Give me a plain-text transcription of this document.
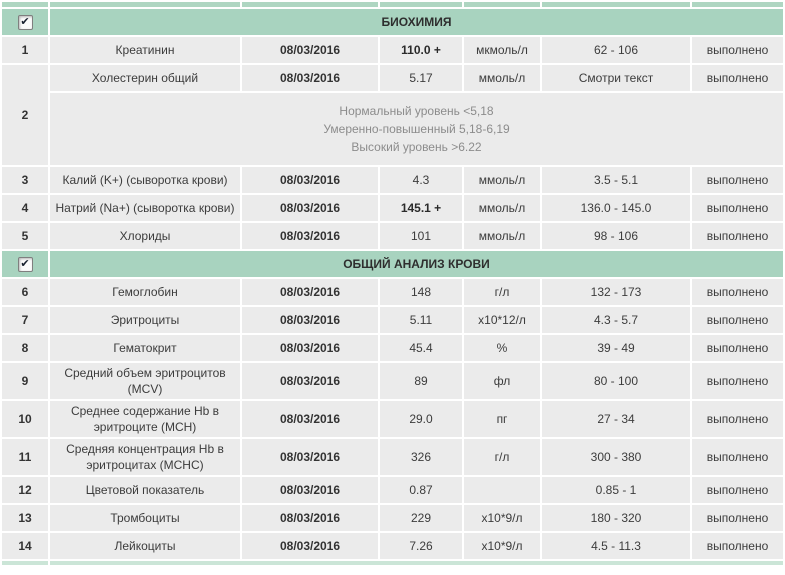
✔	БИОХИМИЯ					
1	Креатинин	08/03/2016	110.0 +	мкмоль/л	62 - 106	выполнено
2	Холестерин общий	08/03/2016	5.17	ммоль/л	Смотри текст	выполнено

	Нормальный уровень <5,18
Умеренно-повышенный 5,18-6,19
Высокий уровень >6.22					

3	Калий (K+) (сыворотка крови)	08/03/2016	4.3	ммоль/л	3.5 - 5.1	выполнено
4	Натрий (Na+) (сыворотка крови)	08/03/2016	145.1 +	ммоль/л	136.0 - 145.0	выполнено
5	Хлориды	08/03/2016	101	ммоль/л	98 - 106	выполнено
✔	ОБЩИЙ АНАЛИЗ КРОВИ					
6	Гемоглобин	08/03/2016	148	г/л	132 - 173	выполнено
7	Эритроциты	08/03/2016	5.11	х10*12/л	4.3 - 5.7	выполнено
8	Гематокрит	08/03/2016	45.4	%	39 - 49	выполнено
9	Средний объем эритроцитов (MCV)	08/03/2016	89	фл	80 - 100	выполнено
10	Среднее содержание Hb в эритроците (MCH)	08/03/2016	29.0	пг	27 - 34	выполнено
11	Средняя концентрация Hb в эритроцитах (MCHC)	08/03/2016	326	г/л	300 - 380	выполнено
12	Цветовой показатель	08/03/2016	0.87		0.85 - 1	выполнено
13	Тромбоциты	08/03/2016	229	х10*9/л	180 - 320	выполнено
14	Лейкоциты	08/03/2016	7.26	х10*9/л	4.5 - 11.3	выполнено
